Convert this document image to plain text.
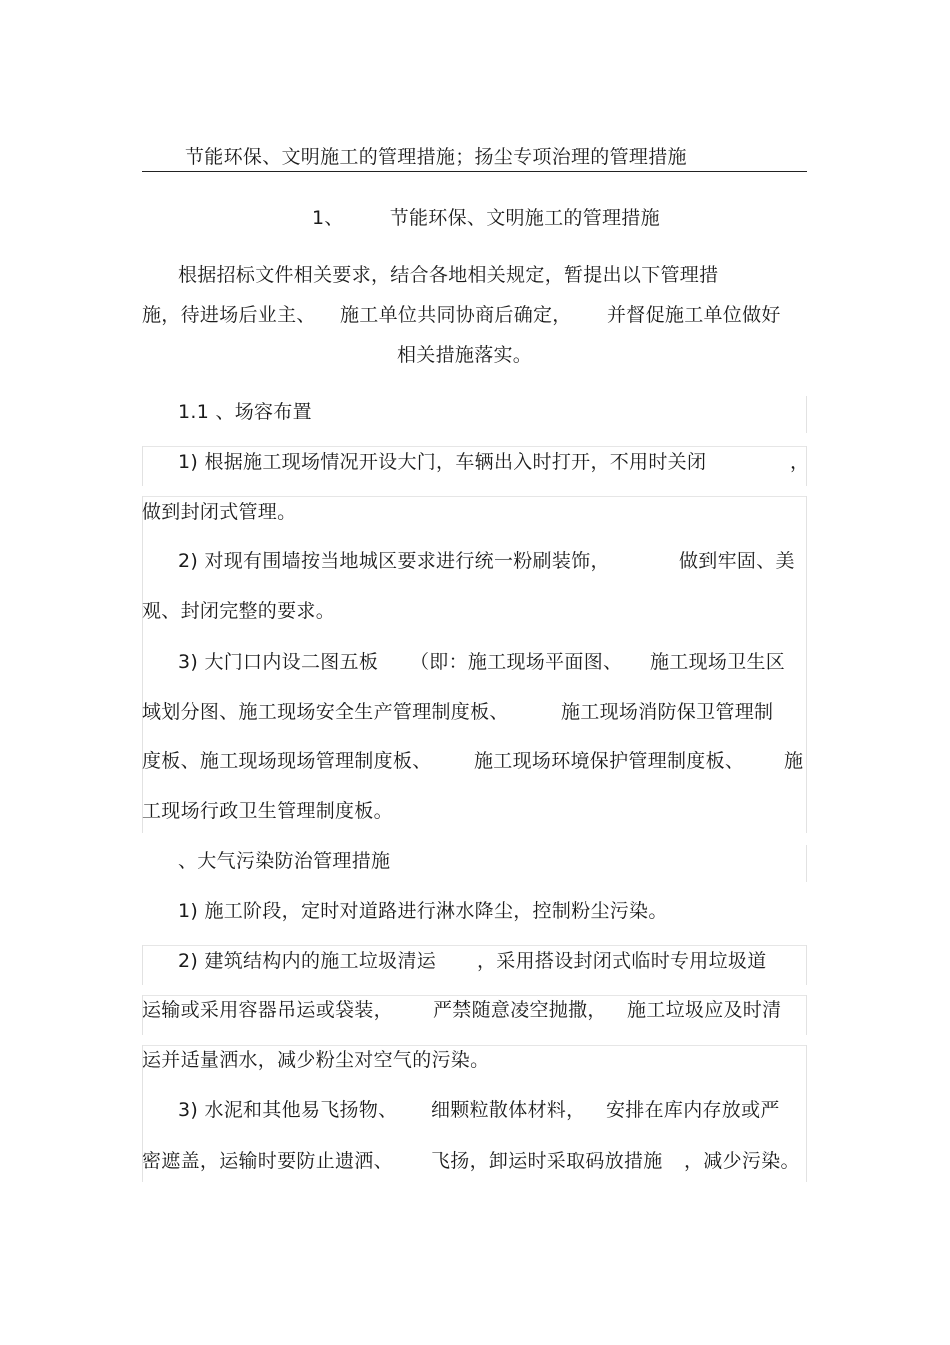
节能环保、文明施工的管理措施；扬尘专项治理的管理措施
1、 节能环保、文明施工的管理措施
根据招标文件相关要求，结合各地相关规定，暂提出以下管理措
施，待进场后业主、 施工单位共同协商后确定， 并督促施工单位做好
相关措施落实。
1.1 、场容布置
1) 根据施工现场情况开设大门，车辆出入时打开，不用时关闭	，
做到封闭式管理。
2) 对现有围墙按当地城区要求进行统一粉刷装饰，	做到牢固、美
观、封闭完整的要求。
3) 大门口内设二图五板 （即：施工现场平面图、 施工现场卫生区
域划分图、施工现场安全生产管理制度板、	施工现场消防保卫管理制
度板、施工现场现场管理制度板、 施工现场环境保护管理制度板、 施
工现场行政卫生管理制度板。
、大气污染防治管理措施
1) 施工阶段，定时对道路进行淋水降尘，控制粉尘污染。
2) 建筑结构内的施工垃圾清运 ，采用搭设封闭式临时专用垃圾道
运输或采用容器吊运或袋装， 严禁随意凌空抛撒， 施工垃圾应及时清
运并适量洒水，减少粉尘对空气的污染。
3) 水泥和其他易飞扬物、 细颗粒散体材料， 安排在库内存放或严
密遮盖，运输时要防止遗洒、 飞扬，卸运时采取码放措施 ，减少污染。
